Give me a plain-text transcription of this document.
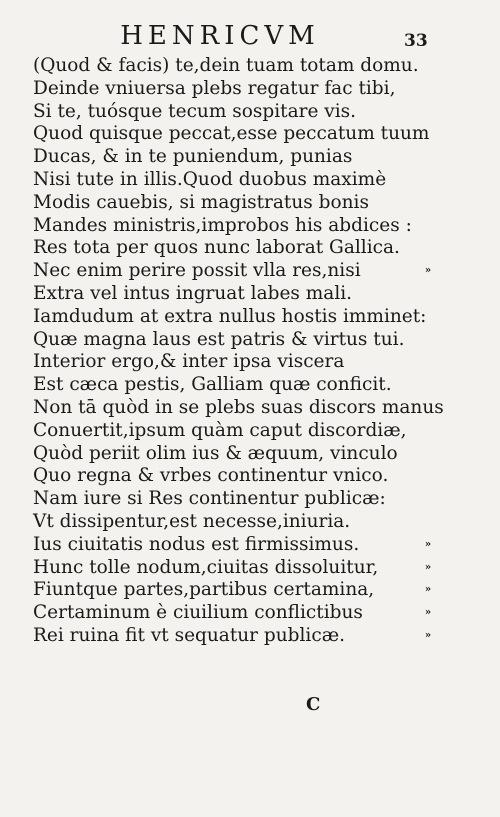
HENRICVM	33
(Quod & facis) te,dein tuam totam domu.
Deinde vniuersa plebs regatur fac tibi,
Si te, tuósque tecum sospitare vis.
Quod quisque peccat,esse peccatum tuum
Ducas, & in te puniendum, punias
Nisi tute in illis.Quod duobus maximè
Modis cauebis, si magistratus bonis
Mandes ministris,improbos his abdices :
Res tota per quos nunc laborat Gallica.
Nec enim perire possit vlla res,nisi
Extra vel intus ingruat labes mali.
Iamdudum at extra nullus hostis imminet:
Quæ magna laus est patris & virtus tui.
Interior ergo,& inter ipsa viscera
Est cæca pestis, Galliam quæ conficit.
Non tā quòd in se plebs suas discors manus
Conuertit,ipsum quàm caput discordiæ,
Quòd periit olim ius & æquum, vinculo
Quo regna & vrbes continentur vnico.
Nam iure si Res continentur publicæ:
Vt dissipentur,est necesse,iniuria.
Ius ciuitatis nodus est firmissimus.
Hunc tolle nodum,ciuitas dissoluitur,
Fiuntque partes,partibus certamina,
Certaminum è ciuilium conflictibus
Rei ruina fit vt sequatur publicæ.
»
»
»
»
»
»
C
